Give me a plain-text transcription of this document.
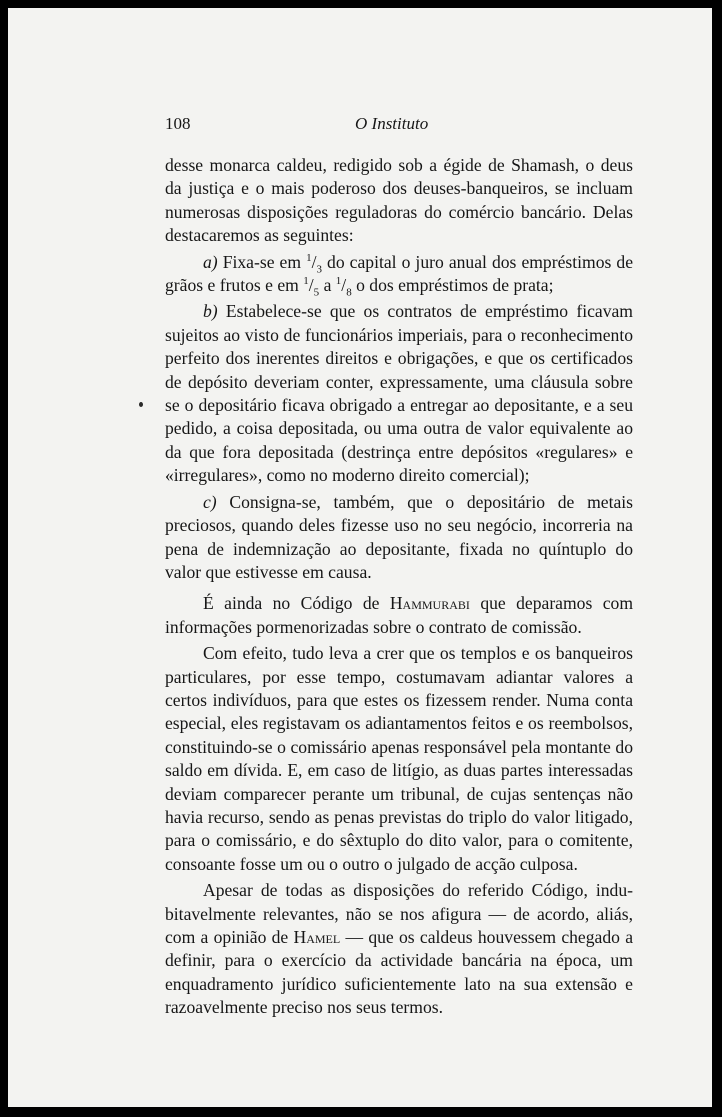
108	O Instituto

desse monarca caldeu, redigido sob a égide de Shamash, o deus da justiça e o mais poderoso dos deuses-banqueiros, se incluam numerosas disposições reguladoras do comércio bancário. Delas destacaremos as seguintes:

a) Fixa-se em $^1/_3$ do capital o juro anual dos empréstimos de grãos e frutos e em $^1/_5$ a $^1/_8$ o dos empréstimos de prata;

b) Estabelece-se que os contratos de empréstimo ficavam sujeitos ao visto de funcionários imperiais, para o reconhecimento perfeito dos inerentes direitos e obrigações, e que os certificados de depósito deveriam conter, expressamente, uma cláusula sobre se o depositário ficava obrigado a entregar ao depositante, e a seu pedido, a coisa depositada, ou uma outra de valor equivalente ao da que fora depositada (destrinça entre depósitos «regulares» e «irregulares», como no moderno direito comercial);

c) Consigna-se, também, que o depositário de metais preciosos, quando deles fizesse uso no seu negócio, incorreria na pena de indemnização ao depositante, fixada no quíntuplo do valor que estivesse em causa.

É ainda no Código de Hammurabi que deparamos com informações pormenorizadas sobre o contrato de comissão.

Com efeito, tudo leva a crer que os templos e os banqueiros particulares, por esse tempo, costumavam adiantar valores a certos indivíduos, para que estes os fizessem render. Numa conta especial, eles registavam os adiantamentos feitos e os reembolsos, constituindo-se o comissário apenas responsável pela montante do saldo em dívida. E, em caso de litígio, as duas partes interessadas deviam comparecer perante um tribunal, de cujas sentenças não havia recurso, sendo as penas previstas do triplo do valor litigado, para o comissário, e do sêxtuplo do dito valor, para o comitente, consoante fosse um ou o outro o julgado de acção culposa.

Apesar de todas as disposições do referido Código, indubitavelmente relevantes, não se nos afigura — de acordo, aliás, com a opinião de Hamel — que os caldeus houvessem chegado a definir, para o exercício da actividade bancária na época, um enquadramento jurídico suficientemente lato na sua extensão e razoavelmente preciso nos seus termos.
